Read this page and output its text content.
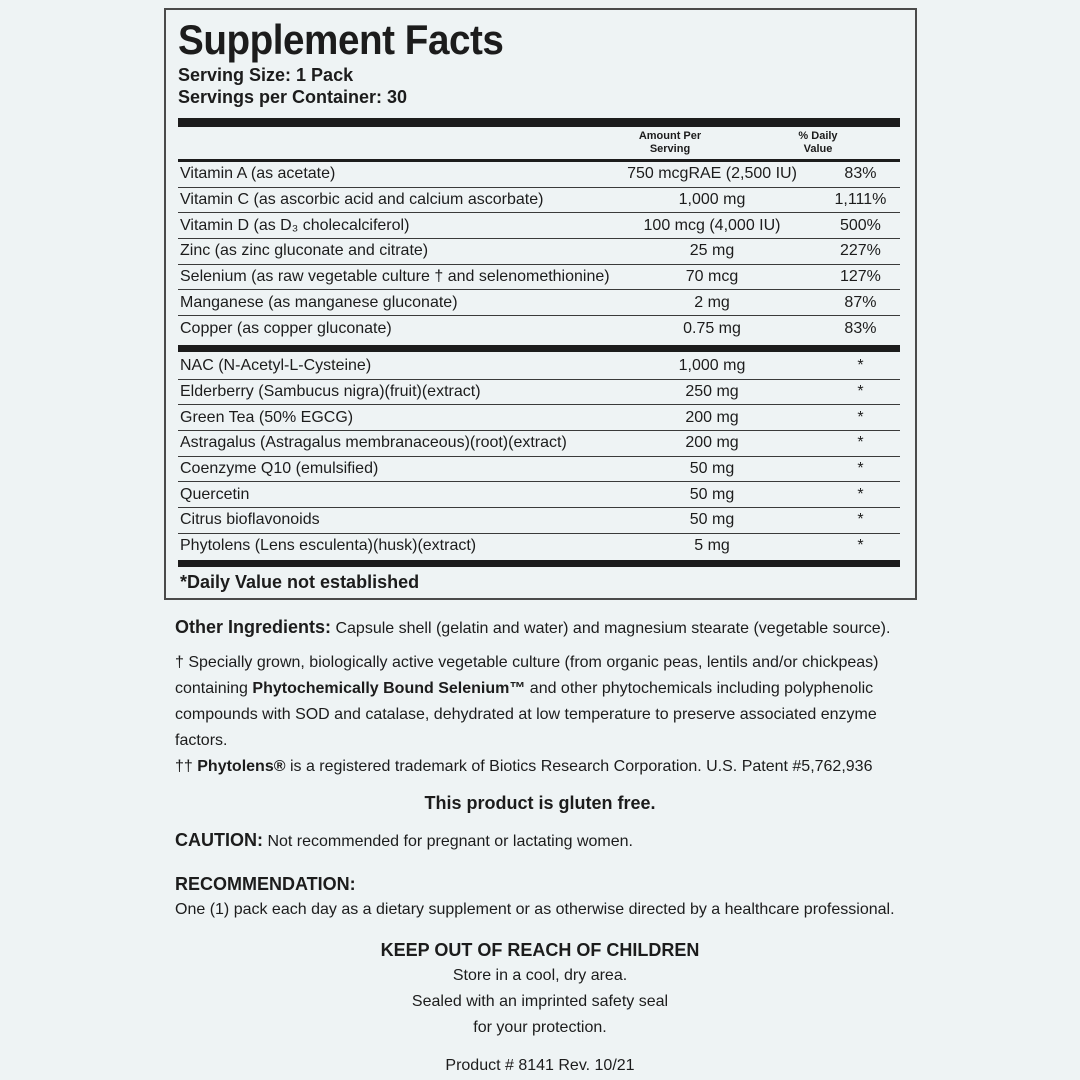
Supplement Facts
Serving Size: 1 Pack
Servings per Container: 30
Amount Per
Serving
% Daily
Value
Vitamin A (as acetate)	750 mcgRAE (2,500 IU)	83%
Vitamin C (as ascorbic acid and calcium ascorbate)	1,000 mg	1,111%
Vitamin D (as D₃ cholecalciferol)	100 mcg (4,000 IU)	500%
Zinc (as zinc gluconate and citrate)	25 mg	227%
Selenium (as raw vegetable culture † and selenomethionine)	70 mcg	127%
Manganese (as manganese gluconate)	2 mg	87%
Copper (as copper gluconate)	0.75 mg	83%
NAC (N-Acetyl-L-Cysteine)	1,000 mg	*
Elderberry (Sambucus nigra)(fruit)(extract)	250 mg	*
Green Tea (50% EGCG)	200 mg	*
Astragalus (Astragalus membranaceous)(root)(extract)	200 mg	*
Coenzyme Q10 (emulsified)	50 mg	*
Quercetin	50 mg	*
Citrus bioflavonoids	50 mg	*
Phytolens (Lens esculenta)(husk)(extract)	5 mg	*
*Daily Value not established
Other Ingredients: Capsule shell (gelatin and water) and magnesium stearate (vegetable source).
† Specially grown, biologically active vegetable culture (from organic peas, lentils and/or chickpeas) containing Phytochemically Bound Selenium™ and other phytochemicals including polyphenolic compounds with SOD and catalase, dehydrated at low temperature to preserve associated enzyme factors.
†† Phytolens® is a registered trademark of Biotics Research Corporation. U.S. Patent #5,762,936
This product is gluten free.
CAUTION: Not recommended for pregnant or lactating women.
RECOMMENDATION:
One (1) pack each day as a dietary supplement or as otherwise directed by a healthcare professional.
KEEP OUT OF REACH OF CHILDREN
Store in a cool, dry area.
Sealed with an imprinted safety seal
for your protection.
Product # 8141 Rev. 10/21
